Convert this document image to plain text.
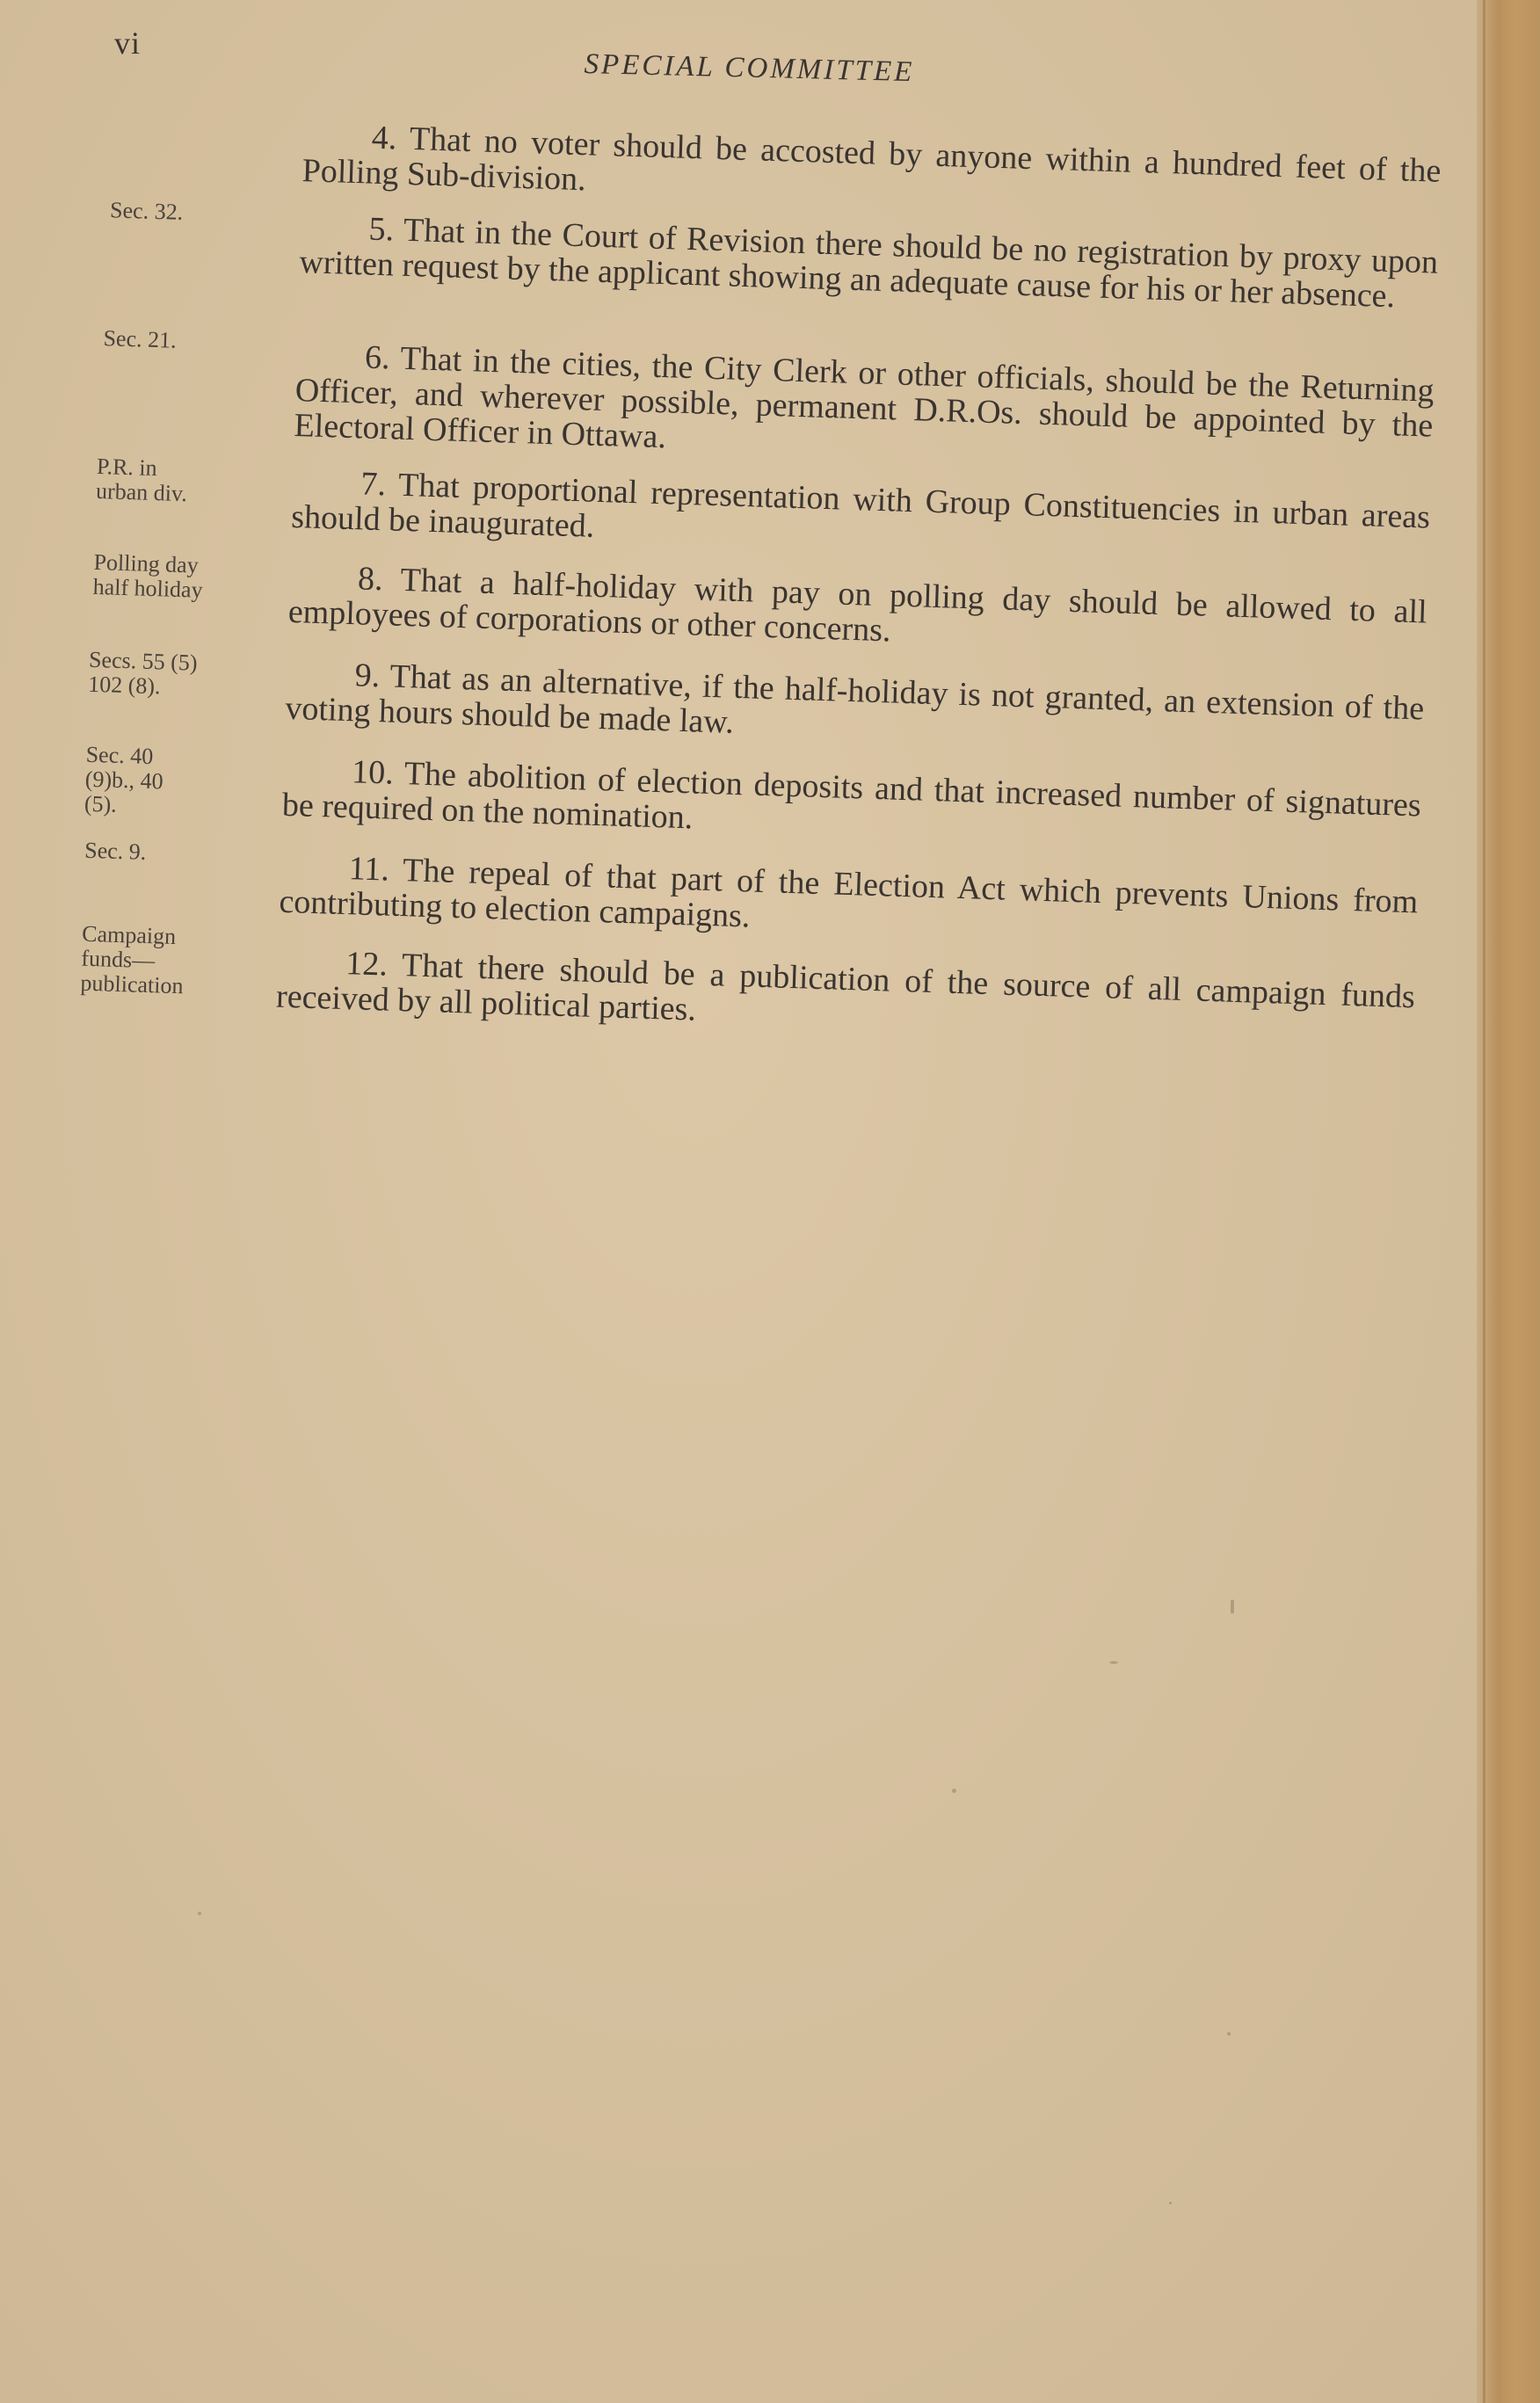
vi
SPECIAL COMMITTEE
4. That no voter should be accosted by anyone within a hundred feet of the Polling Sub-division.
Sec. 32.	5. That in the Court of Revision there should be no registration by proxy upon written request by the applicant showing an adequate cause for his or her absence.
Sec. 21.	6. That in the cities, the City Clerk or other officials, should be the Returning Officer, and wherever possible, permanent D.R.Os. should be appointed by the Electoral Officer in Ottawa.
P.R. in
urban div.	7. That proportional representation with Group Constituencies in urban areas should be inaugurated.
Polling day
half holiday	8. That a half-holiday with pay on polling day should be allowed to all employees of corporations or other concerns.
Secs. 55 (5)
102 (8).	9. That as an alternative, if the half-holiday is not granted, an extension of the voting hours should be made law.
Sec. 40
(9)b., 40
(5).
10. The abolition of election deposits and that increased number of signatures be required on the nomination.
Sec. 9.	11. The repeal of that part of the Election Act which prevents Unions from contributing to election campaigns.
Campaign
funds—
publication
12. That there should be a publication of the source of all campaign funds received by all political parties.
